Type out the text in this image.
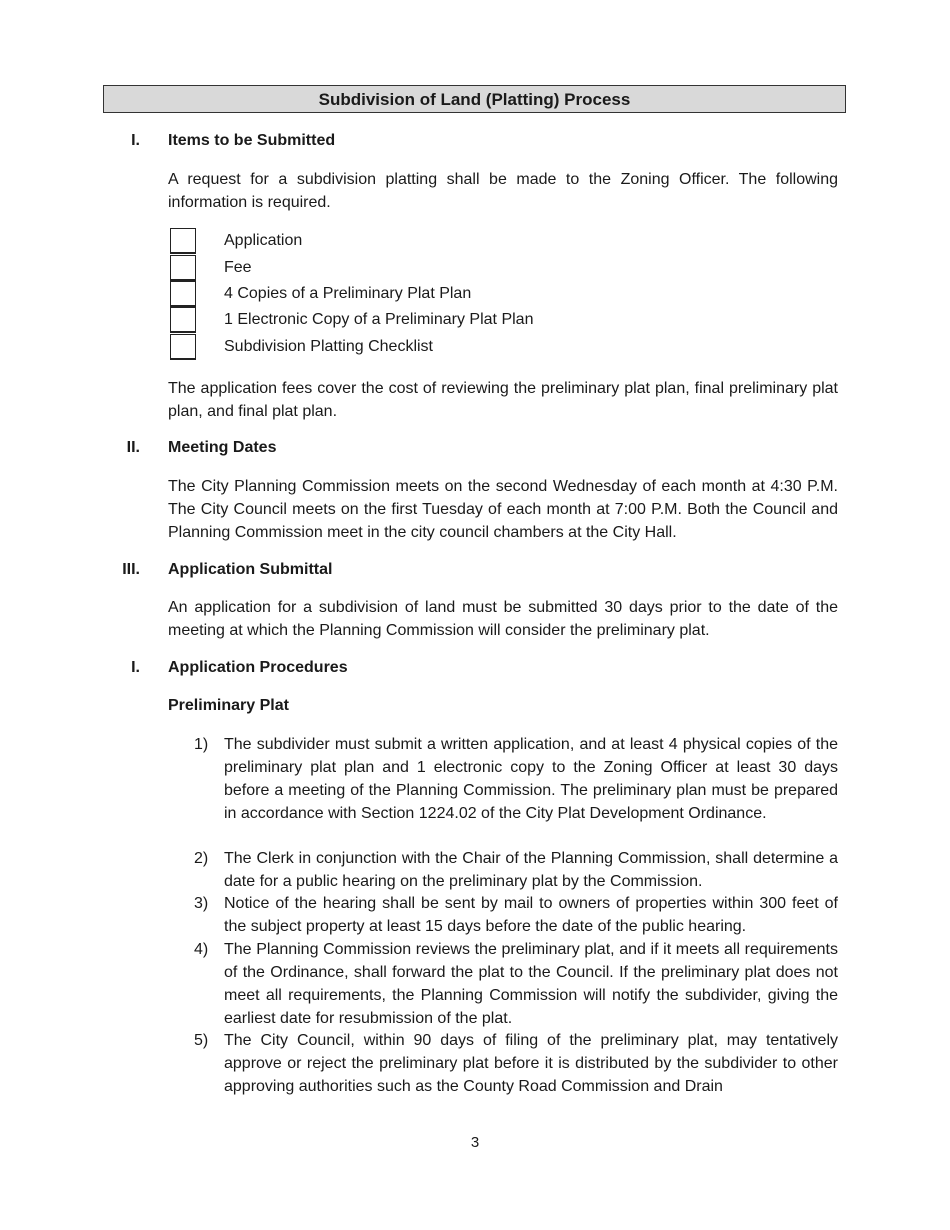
Subdivision of Land (Platting) Process
I. Items to be Submitted

A request for a subdivision platting shall be made to the Zoning Officer. The following information is required.

Application
Fee
4 Copies of a Preliminary Plat Plan
1 Electronic Copy of a Preliminary Plat Plan
Subdivision Platting Checklist

The application fees cover the cost of reviewing the preliminary plat plan, final preliminary plat plan, and final plat plan.

II. Meeting Dates

The City Planning Commission meets on the second Wednesday of each month at 4:30 P.M. The City Council meets on the first Tuesday of each month at 7:00 P.M. Both the Council and Planning Commission meet in the city council chambers at the City Hall.

III. Application Submittal

An application for a subdivision of land must be submitted 30 days prior to the date of the meeting at which the Planning Commission will consider the preliminary plat.

I. Application Procedures
Preliminary Plat
1) The subdivider must submit a written application, and at least 4 physical copies of the preliminary plat plan and 1 electronic copy to the Zoning Officer at least 30 days before a meeting of the Planning Commission. The preliminary plan must be prepared in accordance with Section 1224.02 of the City Plat Development Ordinance.

2) The Clerk in conjunction with the Chair of the Planning Commission, shall determine a date for a public hearing on the preliminary plat by the Commission.

3) Notice of the hearing shall be sent by mail to owners of properties within 300 feet of the subject property at least 15 days before the date of the public hearing.

4) The Planning Commission reviews the preliminary plat, and if it meets all requirements of the Ordinance, shall forward the plat to the Council. If the preliminary plat does not meet all requirements, the Planning Commission will notify the subdivider, giving the earliest date for resubmission of the plat.

5) The City Council, within 90 days of filing of the preliminary plat, may tentatively approve or reject the preliminary plat before it is distributed by the subdivider to other approving authorities such as the County Road Commission and Drain

3
